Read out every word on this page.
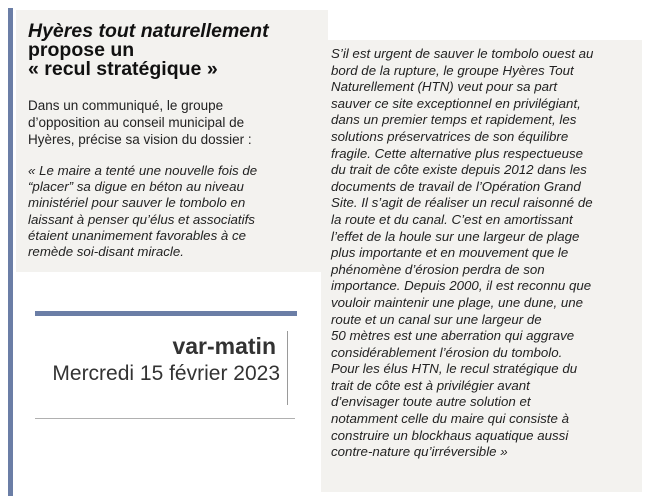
Hyères tout naturellement
propose un
« recul stratégique »

Dans un communiqué, le groupe
d’opposition au conseil municipal de
Hyères, précise sa vision du dossier :

« Le maire a tenté une nouvelle fois de
“placer” sa digue en béton au niveau
ministériel pour sauver le tombolo en
laissant à penser qu’élus et associatifs
étaient unanimement favorables à ce
remède soi-disant miracle.

S’il est urgent de sauver le tombolo ouest au
bord de la rupture, le groupe Hyères Tout
Naturellement (HTN) veut pour sa part
sauver ce site exceptionnel en privilégiant,
dans un premier temps et rapidement, les
solutions préservatrices de son équilibre
fragile. Cette alternative plus respectueuse
du trait de côte existe depuis 2012 dans les
documents de travail de l’Opération Grand
Site. Il s’agit de réaliser un recul raisonné de
la route et du canal. C’est en amortissant
l’effet de la houle sur une largeur de plage
plus importante et en mouvement que le
phénomène d’érosion perdra de son
importance. Depuis 2000, il est reconnu que
vouloir maintenir une plage, une dune, une
route et un canal sur une largeur de
50 mètres est une aberration qui aggrave
considérablement l’érosion du tombolo.
Pour les élus HTN, le recul stratégique du
trait de côte est à privilégier avant
d’envisager toute autre solution et
notamment celle du maire qui consiste à
construire un blockhaus aquatique aussi
contre-nature qu’irréversible »

var-matin

Mercredi 15 février 2023
